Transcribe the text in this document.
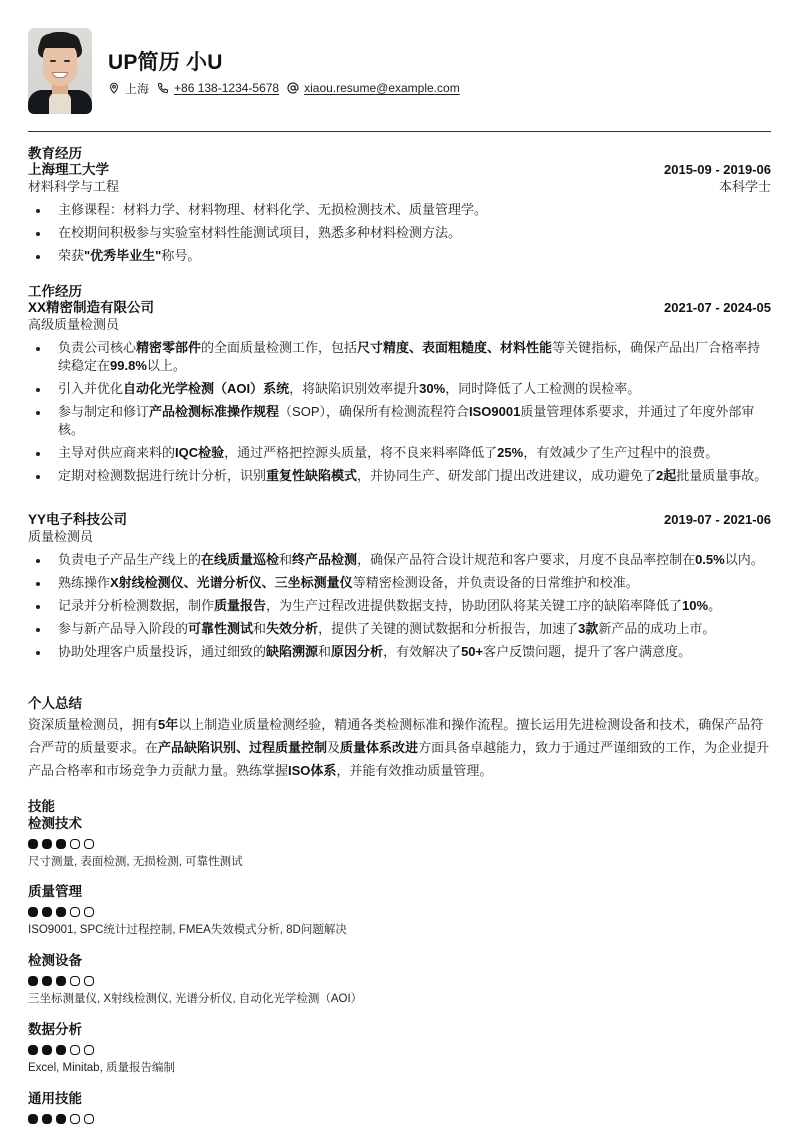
UP简历 小U
上海 +86 138-1234-5678 xiaou.resume@example.com
教育经历
上海理工大学	2015-09 - 2019-06
材料科学与工程	本科学士
主修课程：材料力学、材料物理、材料化学、无损检测技术、质量管理学。
在校期间积极参与实验室材料性能测试项目，熟悉多种材料检测方法。
荣获"优秀毕业生"称号。
工作经历
XX精密制造有限公司	2021-07 - 2024-05
高级质量检测员
负责公司核心精密零部件的全面质量检测工作，包括尺寸精度、表面粗糙度、材料性能等关键指标，确保产品出厂合格率持续稳定在99.8%以上。
引入并优化自动化光学检测（AOI）系统，将缺陷识别效率提升30%，同时降低了人工检测的误检率。
参与制定和修订产品检测标准操作规程（SOP），确保所有检测流程符合ISO9001质量管理体系要求，并通过了年度外部审核。
主导对供应商来料的IQC检验，通过严格把控源头质量，将不良来料率降低了25%，有效减少了生产过程中的浪费。
定期对检测数据进行统计分析，识别重复性缺陷模式，并协同生产、研发部门提出改进建议，成功避免了2起批量质量事故。
YY电子科技公司	2019-07 - 2021-06
质量检测员
负责电子产品生产线上的在线质量巡检和终产品检测，确保产品符合设计规范和客户要求，月度不良品率控制在0.5%以内。
熟练操作X射线检测仪、光谱分析仪、三坐标测量仪等精密检测设备，并负责设备的日常维护和校准。
记录并分析检测数据，制作质量报告，为生产过程改进提供数据支持，协助团队将某关键工序的缺陷率降低了10%。
参与新产品导入阶段的可靠性测试和失效分析，提供了关键的测试数据和分析报告，加速了3款新产品的成功上市。
协助处理客户质量投诉，通过细致的缺陷溯源和原因分析，有效解决了50+客户反馈问题，提升了客户满意度。
个人总结
资深质量检测员，拥有5年以上制造业质量检测经验，精通各类检测标准和操作流程。擅长运用先进检测设备和技术，确保产品符合严苛的质量要求。在产品缺陷识别、过程质量控制及质量体系改进方面具备卓越能力，致力于通过严谨细致的工作，为企业提升产品合格率和市场竞争力贡献力量。熟练掌握ISO体系，并能有效推动质量管理。
技能
检测技术
尺寸测量, 表面检测, 无损检测, 可靠性测试
质量管理
ISO9001, SPC统计过程控制, FMEA失效模式分析, 8D问题解决
检测设备
三坐标测量仪, X射线检测仪, 光谱分析仪, 自动化光学检测（AOI）
数据分析
Excel, Minitab, 质量报告编制
通用技能
